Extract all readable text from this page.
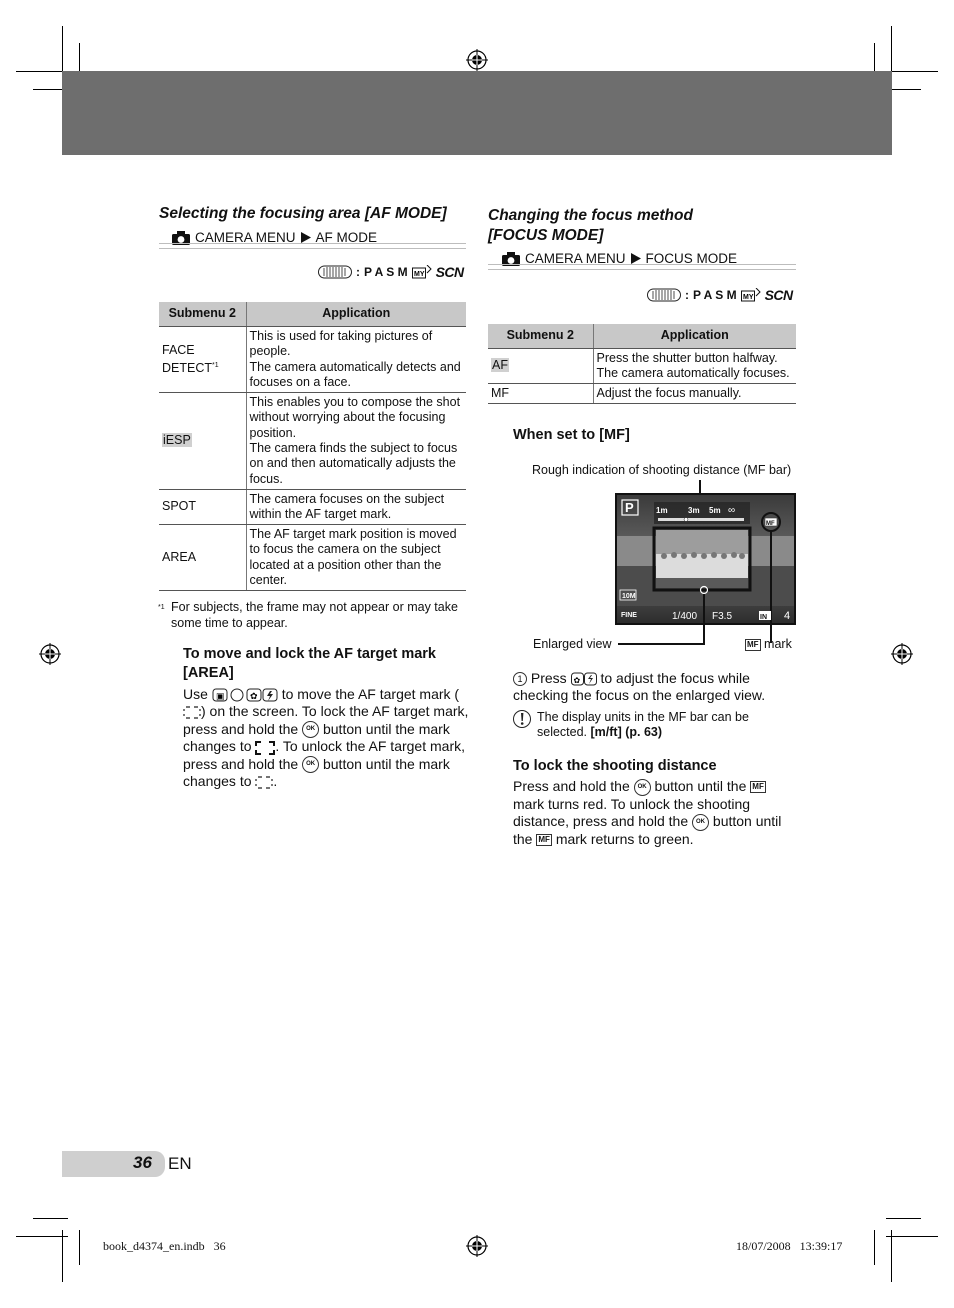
Selecting the focusing area [AF MODE]
CAMERA MENU AF MODE
: P A S M MY SCN
Submenu 2	Application
FACE DETECT$^{*1}$	This is used for taking pictures of people.
The camera automatically detects and focuses on a face.
iESP	This enables you to compose the shot without worrying about the focusing position.
The camera finds the subject to focus on and then automatically adjusts the focus.
SPOT	The camera focuses on the subject within the AF target mark.
AREA	The AF target mark position is moved to focus the camera on the subject located at a position other than the center.
*1 For subjects, the frame may not appear or may take some time to appear.
To move and lock the AF target mark [AREA]
Use ▣	✿ to move the AF target mark () on the screen. To lock the AF target mark, press and hold the OK button until the mark changes to . To unlock the AF target mark, press and hold the OK button until the mark changes to .
Changing the focus method
[FOCUS MODE]
CAMERA MENU FOCUS MODE
: P A S M MY SCN
Submenu 2	Application
AF	Press the shutter button halfway.
The camera automatically focuses.
MF	Adjust the focus manually.
When set to [MF]
Rough indication of shooting distance (MF bar)
P	1m	3m 5m ∞
MF
10M
FINE	1/400 F3.5	IN 4
Enlarged view	MF mark
1 Press ✿ to adjust the focus while checking the focus on the enlarged view.
The display units in the MF bar can be selected. [m/ft] (p. 63)
To lock the shooting distance
Press and hold the OK button until the MF mark turns red. To unlock the shooting distance, press and hold the OK button until the MF mark returns to green.
36 EN
book_d4374_en.indb   36	18/07/2008   13:39:17
